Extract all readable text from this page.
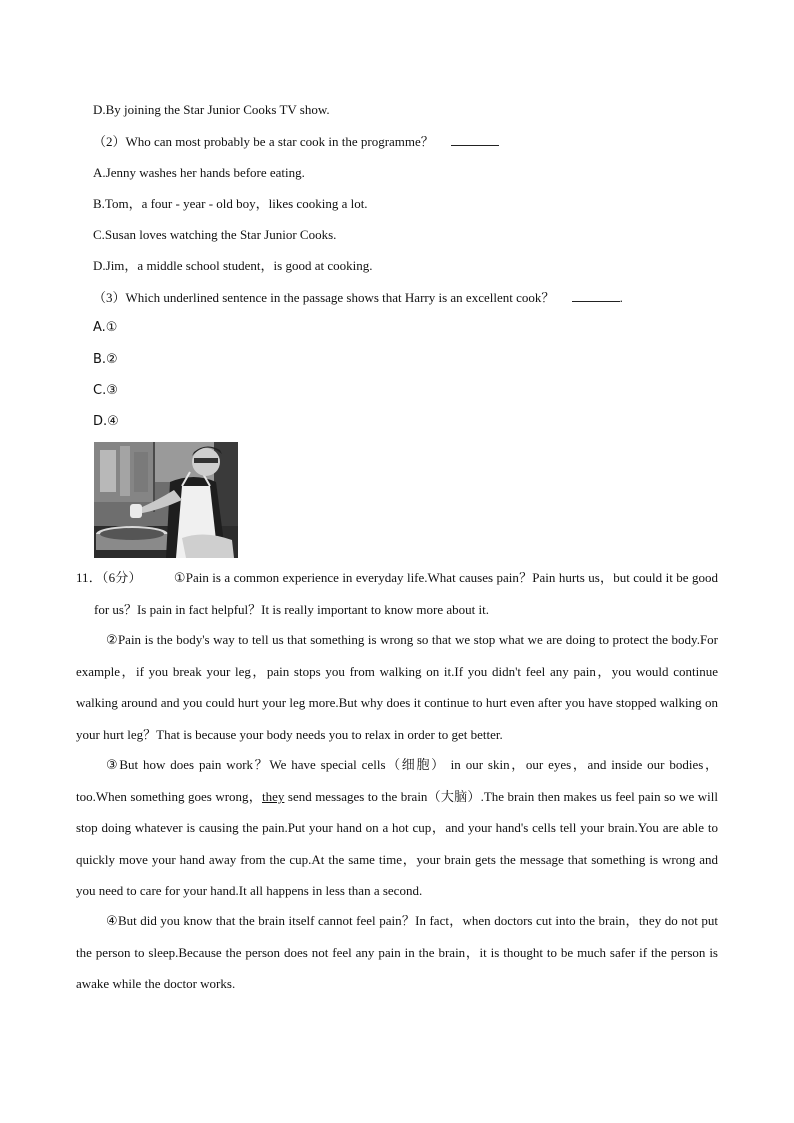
D.By joining the Star Junior Cooks TV show.
（2）Who can most probably be a star cook in the programme？
A.Jenny washes her hands before eating.
B.Tom，a four - year - old boy，likes cooking a lot.
C.Susan loves watching the Star Junior Cooks.
D.Jim，a middle school student，is good at cooking.
（3）Which underlined sentence in the passage shows that Harry is an excellent cook？	.
A.①
B.②
C.③
D.④
11．（6分） ①Pain is a common experience in everyday life.What causes pain？Pain hurts us，but could it be good for us？Is pain in fact helpful？It is really important to know more about it.
②Pain is the body's way to tell us that something is wrong so that we stop what we are doing to protect the body.For example，if you break your leg，pain stops you from walking on it.If you didn't feel any pain，you would continue walking around and you could hurt your leg more.But why does it continue to hurt even after you have stopped walking on your hurt leg？That is because your body needs you to relax in order to get better.
③But how does pain work？We have special cells（细胞） in our skin，our eyes，and inside our bodies，too.When something goes wrong，they send messages to the brain（大脑）.The brain then makes us feel pain so we will stop doing whatever is causing the pain.Put your hand on a hot cup，and your hand's cells tell your brain.You are able to quickly move your hand away from the cup.At the same time，your brain gets the message that something is wrong and you need to care for your hand.It all happens in less than a second.
④But did you know that the brain itself cannot feel pain？In fact，when doctors cut into the brain，they do not put the person to sleep.Because the person does not feel any pain in the brain，it is thought to be much safer if the person is awake while the doctor works.
